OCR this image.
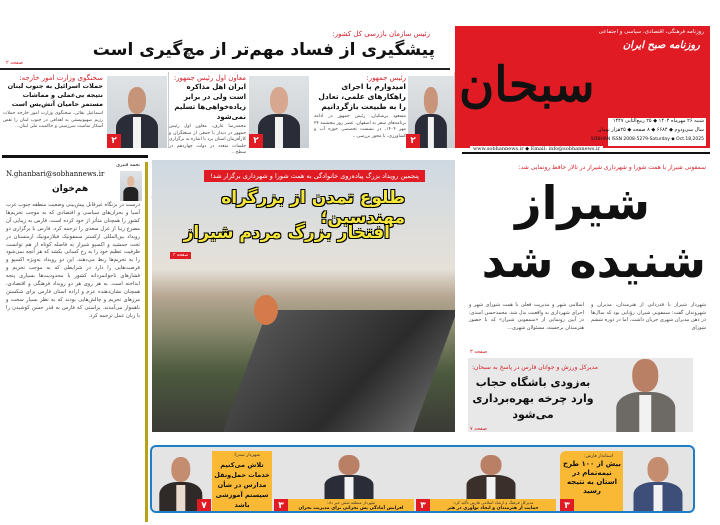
روزنامه فرهنگی، اقتصادی، سیاسی و اجتماعی
روزنامه صبح ایران
سبحان
شنبه ۲۶ مهرماه ۱۴۰۴ ◆ ۲۵ ربیع‌الثانی ۱۴۴۷
سال سی‌ودوم ◆ ۶۶۸۴ ◆ ۸ صفحه ◆ ۲۵هزار تومان
SOBHAN ISSN 2008-5279-Saturday ◆ Oct.18,2025
www.sobhannews.ir ◆ Email: info@sobhannews.ir
رئیس سازمان بازرسی کل کشور:
پیشگیری از فساد مهم‌تر از مچ‌گیری است
صفحه ۲
۲
رئیس جمهور:
امیدوارم با اجرای راهکارهای علمی، تعادل را به طبیعت بازگردانیم
مسعود پزشکیان، رئیس جمهور در ادامه برنامه‌های سفر به اصفهان، عصر روز پنجشنبه ۲۴ مهر ۱۴۰۴، در نشست تخصصی حوزه آب و کشاورزی، با محور بررسی...
۲
معاون اول رئیس جمهور:
ایران اهل مذاکره است ولی در برابر زیاده‌خواهی‌ها تسلیم نمی‌شود
محمدرضا عارف، معاون اول رئیس جمهور در دیدار با جمعی از صنعتگران و کارآفرینان استان یزد با اشاره به برگزاری جلسات متعدد در دولت چهاردهم در سطح...
۲
سخنگوی وزارت امور خارجه:
حملات اسرائیل به جنوب لبنان نتیجه بی‌عملی و مماشات مستمر حامیان آتش‌بس است
اسماعیل بقائی، سخنگوی وزارت امور خارجه حملات رژیم صهیونیستی به اهدافی در جنوب لبنان را نقض آشکار تمامیت سرزمینی و حاکمیت ملی لبنان...
نجمه قنبری
N.ghanbari@sobhannews.ir
هم‌خوان
درست در بزنگاه غیرقابل پیش‌بینی وضعیت منطقه جنوب غرب آسیا و بحران‌های سیاسی و اقتصادی که به موجب تحریم‌ها کشور را همچنان متأثر از خود کرده است، فارس به زیبایی آن مصرع زیبا از غزل سعدی را ترجمه کرد. فارس با برگزاری دو رویداد بین‌المللی ارکستر سمفونیک فیلارمونیک ارمنستان در تخت جمشید و اکسپو شیراز به فاصله کوتاه از هم توانست ظرفیت عظیم خود را به رخ کسانی بکشد که هر آنچه نمی‌شود را به تحریم‌ها ربط می‌دهند. این دو رویداد به‌ویژه اکسپو و فرصت‌هایی را دارد در شرایطی که به موجب تحریم و فشارهای ناجوانمردانه کشور با محدودیت‌ها بسیاری پنجه انداخته است. به هر روی هر دو رویداد فرهنگی و اقتصادی، همچنان نشان‌دهنده عزم و اراده استان فارس برای شکستن مرزهای تحریم و چالش‌هایی بودند که به نظر بسیار سخت و ناهموار می‌آمدند. براستی که فارس به قدر حسن کوشیدن را با زبان عمل ترجمه کرد.
پنجمین رویداد بزرگ پیاده‌روی خانوادگی به همت شورا و شهرداری برگزار شد!
طلوع تمدن از بزرگراه مهندسین؛
افتخار بزرگ مردم شیراز
صفحه ۳
سمفونی شیراز با همت شورا و شهرداری شیراز در تالار حافظ رونمایی شد:
شیراز
شنیده شد
شهردار شیراز با قدردانی از هنرمندان، مدیران و شهروندان گفت: سمفونی شیراز، رؤیایی بود که سال‌ها در ذهن مدیران شهری جریان داشت، اما در دوره ششم شورای
اسلامی شهر و مدیریت فعلی با همت شورای شهر و اجرای شهرداری به واقعیت بدل شد. محمدحسن اسدی، در آیین رونمایی از «سمفونی شیراز» که با حضور هنرمندان برجسته، مسئولان شهری...
صفحه ۳
مدیرکل ورزش و جوانان فارس در پاسخ به سبحان:
به‌زودی باشگاه حجاب وارد چرخه بهره‌برداری می‌شود
صفحه ۷
استاندار فارس:
بیش از ۱۰۰ طرح نیمه‌تمام در استان به نتیجه رسید
۳
مدیرکل فرهنگ و ارشاد اسلامی فارس تأکید کرد:
حمایت از هنرمندان و ایجاد نوآوری در هنر
۳
شهردار منطقه شش خبر داد:
افزایش آمادگی پس بحرانی برای مدیریت بحران
۳
شهردار صدرا:
تلاش می‌کنیم خدمات حمل‌ونقل مدارس در شأن سیستم آموزشی باشد
۷
